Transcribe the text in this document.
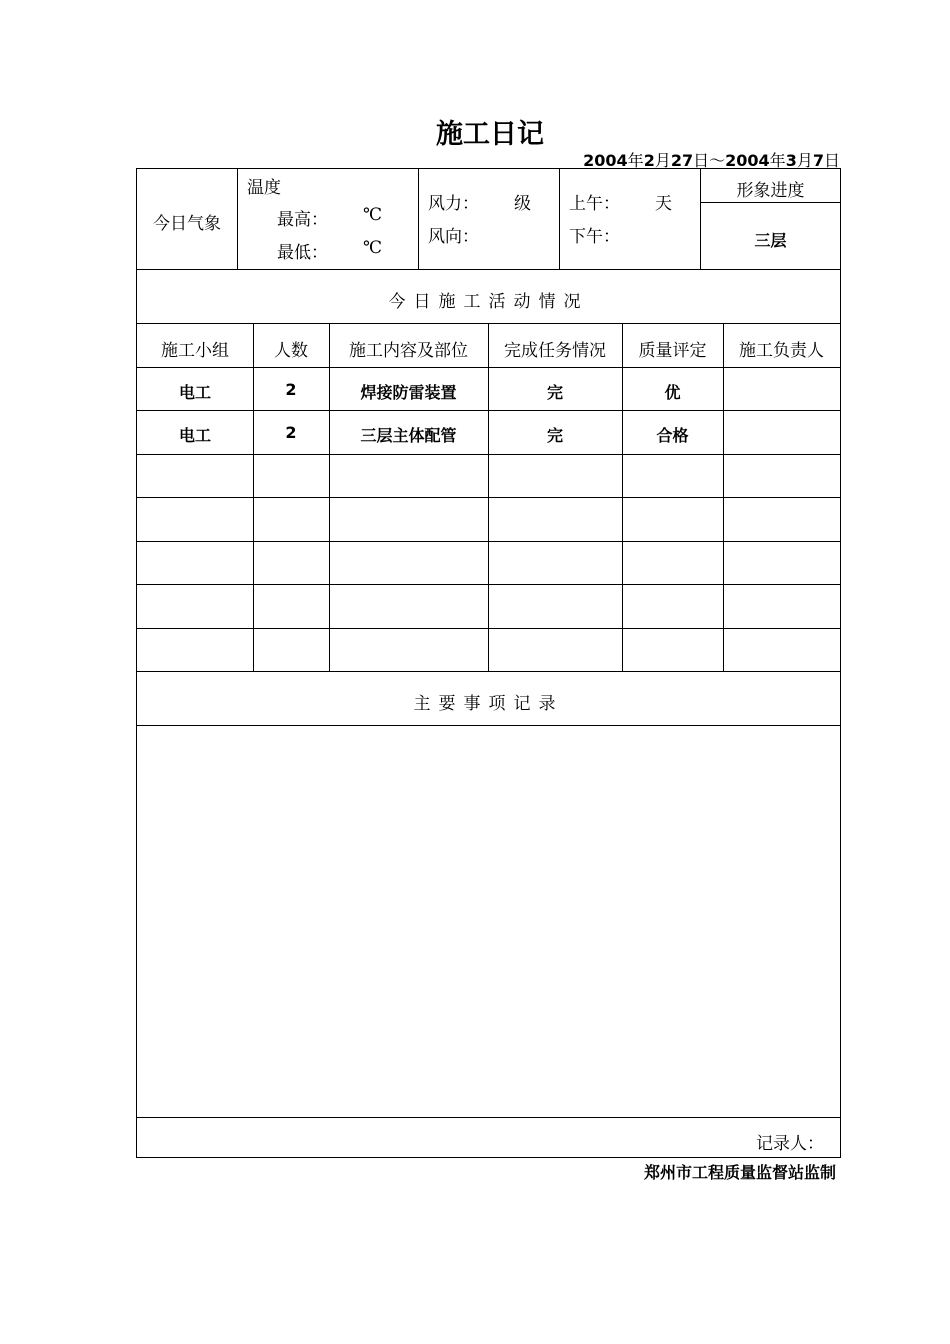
施工日记
2004年2月27日～2004年3月7日
今日气象
温度
最高： ℃
最低： ℃
风力： 级
风向：
上午： 天
下午：
形象进度
三层
今日施工活动情况
施工小组	人数	施工内容及部位	完成任务情况	质量评定	施工负责人
电工	2	焊接防雷装置	完	优
电工	2	三层主体配管	完	合格
主要事项记录
记录人：
郑州市工程质量监督站监制
